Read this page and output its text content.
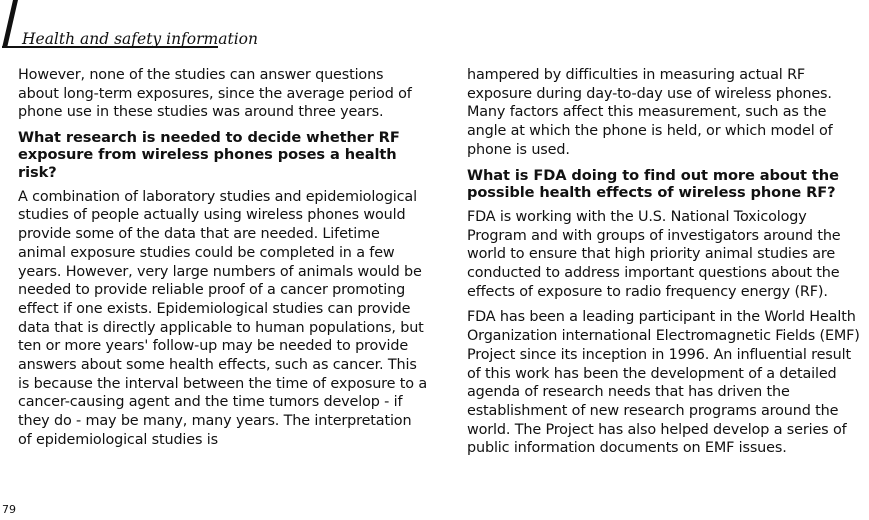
Health and safety information

However, none of the studies can answer questions about long-term exposures, since the average period of phone use in these studies was around three years.

What research is needed to decide whether RF exposure from wireless phones poses a health risk?

A combination of laboratory studies and epidemiological studies of people actually using wireless phones would provide some of the data that are needed. Lifetime animal exposure studies could be completed in a few years. However, very large numbers of animals would be needed to provide reliable proof of a cancer promoting effect if one exists. Epidemiological studies can provide data that is directly applicable to human populations, but ten or more years' follow-up may be needed to provide answers about some health effects, such as cancer. This is because the interval between the time of exposure to a cancer-causing agent and the time tumors develop - if they do - may be many, many years. The interpretation of epidemiological studies is

hampered by difficulties in measuring actual RF exposure during day-to-day use of wireless phones. Many factors affect this measurement, such as the angle at which the phone is held, or which model of phone is used.

What is FDA doing to find out more about the possible health effects of wireless phone RF?

FDA is working with the U.S. National Toxicology Program and with groups of investigators around the world to ensure that high priority animal studies are conducted to address important questions about the effects of exposure to radio frequency energy (RF).

FDA has been a leading participant in the World Health Organization international Electromagnetic Fields (EMF) Project since its inception in 1996. An influential result of this work has been the development of a detailed agenda of research needs that has driven the establishment of new research programs around the world. The Project has also helped develop a series of public information documents on EMF issues.

79
